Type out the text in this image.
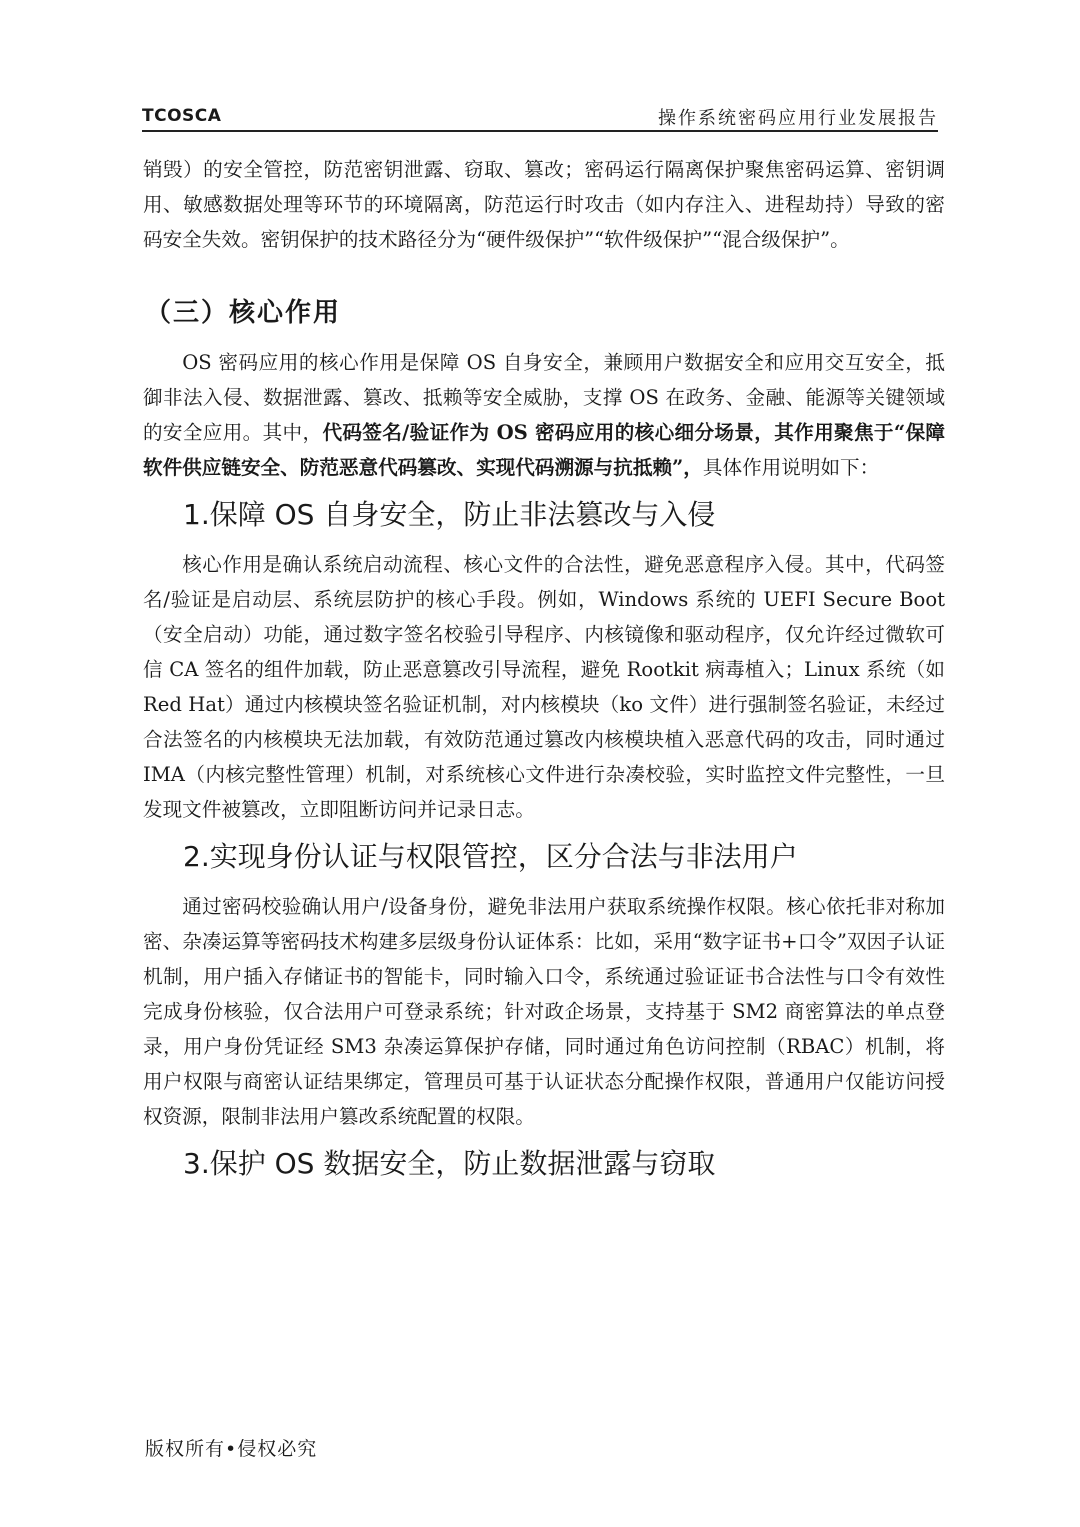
TCOSCA	操作系统密码应用行业发展报告

销毁）的安全管控，防范密钥泄露、窃取、篡改；密码运行隔离保护聚焦密码运算、密钥调用、敏感数据处理等环节的环境隔离，防范运行时攻击（如内存注入、进程劫持）导致的密码安全失效。密钥保护的技术路径分为“硬件级保护”“软件级保护”“混合级保护”。

（三）核心作用

OS 密码应用的核心作用是保障 OS 自身安全，兼顾用户数据安全和应用交互安全，抵御非法入侵、数据泄露、篡改、抵赖等安全威胁，支撑 OS 在政务、金融、能源等关键领域的安全应用。其中，代码签名/验证作为 OS 密码应用的核心细分场景，其作用聚焦于“保障软件供应链安全、防范恶意代码篡改、实现代码溯源与抗抵赖”，具体作用说明如下：

1.保障 OS 自身安全，防止非法篡改与入侵

核心作用是确认系统启动流程、核心文件的合法性，避免恶意程序入侵。其中，代码签名/验证是启动层、系统层防护的核心手段。例如，Windows 系统的 UEFI Secure Boot（安全启动）功能，通过数字签名校验引导程序、内核镜像和驱动程序，仅允许经过微软可信 CA 签名的组件加载，防止恶意篡改引导流程，避免 Rootkit 病毒植入；Linux 系统（如 Red Hat）通过内核模块签名验证机制，对内核模块（ko 文件）进行强制签名验证，未经过合法签名的内核模块无法加载，有效防范通过篡改内核模块植入恶意代码的攻击，同时通过 IMA（内核完整性管理）机制，对系统核心文件进行杂凑校验，实时监控文件完整性，一旦发现文件被篡改，立即阻断访问并记录日志。

2.实现身份认证与权限管控，区分合法与非法用户

通过密码校验确认用户/设备身份，避免非法用户获取系统操作权限。核心依托非对称加密、杂凑运算等密码技术构建多层级身份认证体系：比如，采用“数字证书+口令”双因子认证机制，用户插入存储证书的智能卡，同时输入口令，系统通过验证证书合法性与口令有效性完成身份核验，仅合法用户可登录系统；针对政企场景，支持基于 SM2 商密算法的单点登录，用户身份凭证经 SM3 杂凑运算保护存储，同时通过角色访问控制（RBAC）机制，将用户权限与商密认证结果绑定，管理员可基于认证状态分配操作权限，普通用户仅能访问授权资源，限制非法用户篡改系统配置的权限。

3.保护 OS 数据安全，防止数据泄露与窃取
版权所有•侵权必究
